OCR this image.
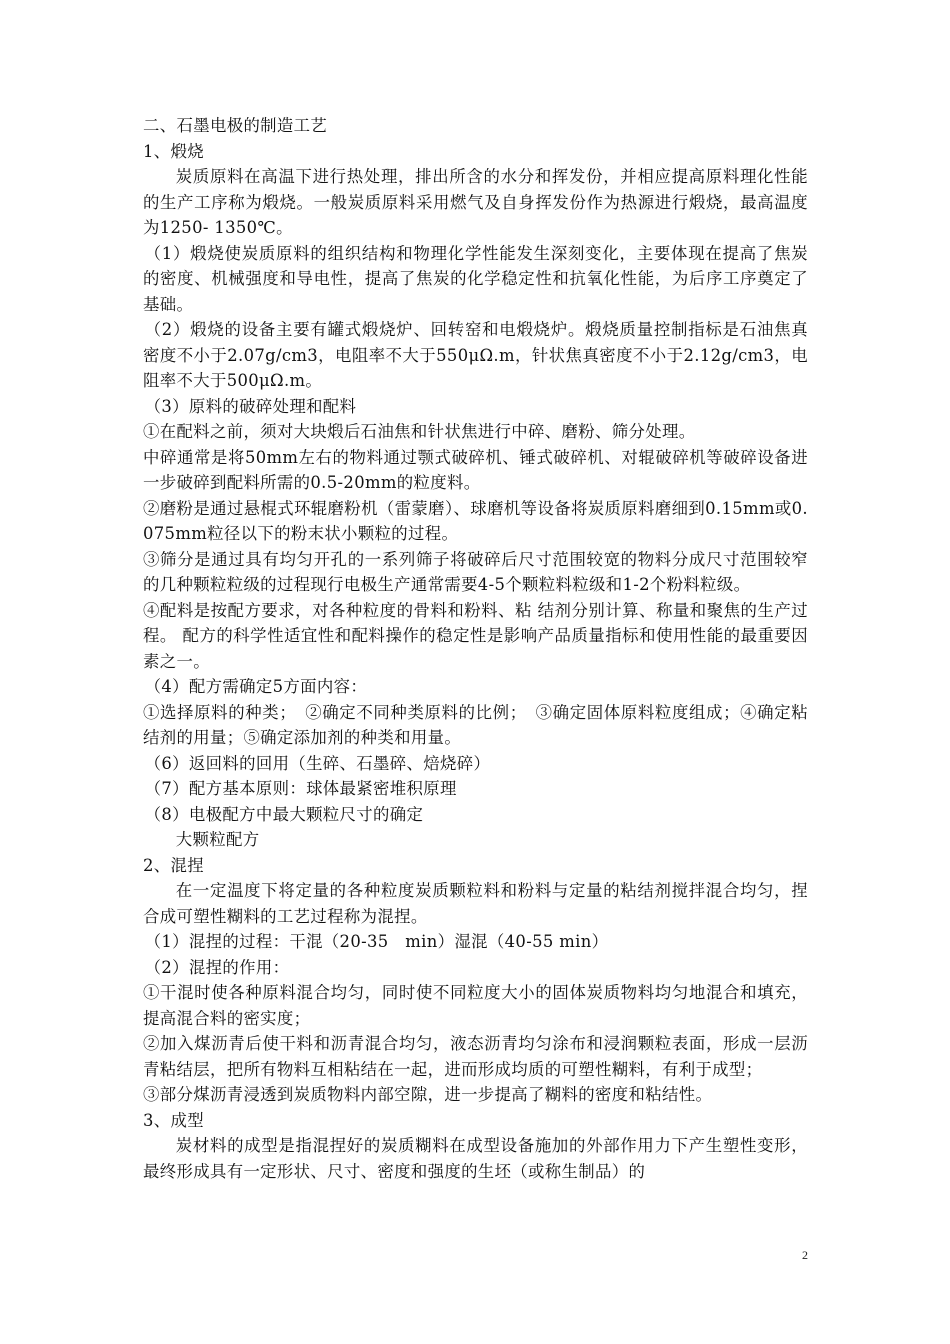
二、石墨电极的制造工艺

1、煅烧

炭质原料在高温下进行热处理，排出所含的水分和挥发份，并相应提高原料理化性能的生产工序称为煅烧。一般炭质原料采用燃气及自身挥发份作为热源进行煅烧，最高温度为1250- 1350℃。

（1）煅烧使炭质原料的组织结构和物理化学性能发生深刻变化，主要体现在提高了焦炭的密度、机械强度和导电性，提高了焦炭的化学稳定性和抗氧化性能，为后序工序奠定了基础。

（2）煅烧的设备主要有罐式煅烧炉、回转窑和电煅烧炉。煅烧质量控制指标是石油焦真密度不小于2.07g/cm3，电阻率不大于550μΩ.m，针状焦真密度不小于2.12g/cm3，电阻率不大于500μΩ.m。

（3）原料的破碎处理和配料

①在配料之前，须对大块煅后石油焦和针状焦进行中碎、磨粉、筛分处理。

中碎通常是将50mm左右的物料通过颚式破碎机、锤式破碎机、对辊破碎机等破碎设备进一步破碎到配料所需的0.5-20mm的粒度料。

②磨粉是通过悬棍式环辊磨粉机（雷蒙磨）、球磨机等设备将炭质原料磨细到0.15mm或0.075mm粒径以下的粉末状小颗粒的过程。

③筛分是通过具有均匀开孔的一系列筛子将破碎后尺寸范围较宽的物料分成尺寸范围较窄的几种颗粒粒级的过程现行电极生产通常需要4-5个颗粒料粒级和1-2个粉料粒级。

④配料是按配方要求，对各种粒度的骨料和粉料、粘 结剂分别计算、称量和聚焦的生产过程。 配方的科学性适宜性和配料操作的稳定性是影响产品质量指标和使用性能的最重要因素之一。

（4）配方需确定5方面内容：

①选择原料的种类；　②确定不同种类原料的比例；　③确定固体原料粒度组成；④确定粘结剂的用量；⑤确定添加剂的种类和用量。

（6）返回料的回用（生碎、石墨碎、焙烧碎）

（7）配方基本原则：球体最紧密堆积原理

（8）电极配方中最大颗粒尺寸的确定

大颗粒配方

2、混捏

在一定温度下将定量的各种粒度炭质颗粒料和粉料与定量的粘结剂搅拌混合均匀，捏合成可塑性糊料的工艺过程称为混捏。

（1）混捏的过程：干混（20-35　min）湿混（40-55 min）

（2）混捏的作用：

①干混时使各种原料混合均匀，同时使不同粒度大小的固体炭质物料均匀地混合和填充，提高混合料的密实度；

②加入煤沥青后使干料和沥青混合均匀，液态沥青均匀涂布和浸润颗粒表面，形成一层沥青粘结层，把所有物料互相粘结在一起，进而形成均质的可塑性糊料，有利于成型；

③部分煤沥青浸透到炭质物料内部空隙，进一步提高了糊料的密度和粘结性。

3、成型

炭材料的成型是指混捏好的炭质糊料在成型设备施加的外部作用力下产生塑性变形，最终形成具有一定形状、尺寸、密度和强度的生坯（或称生制品）的

2
